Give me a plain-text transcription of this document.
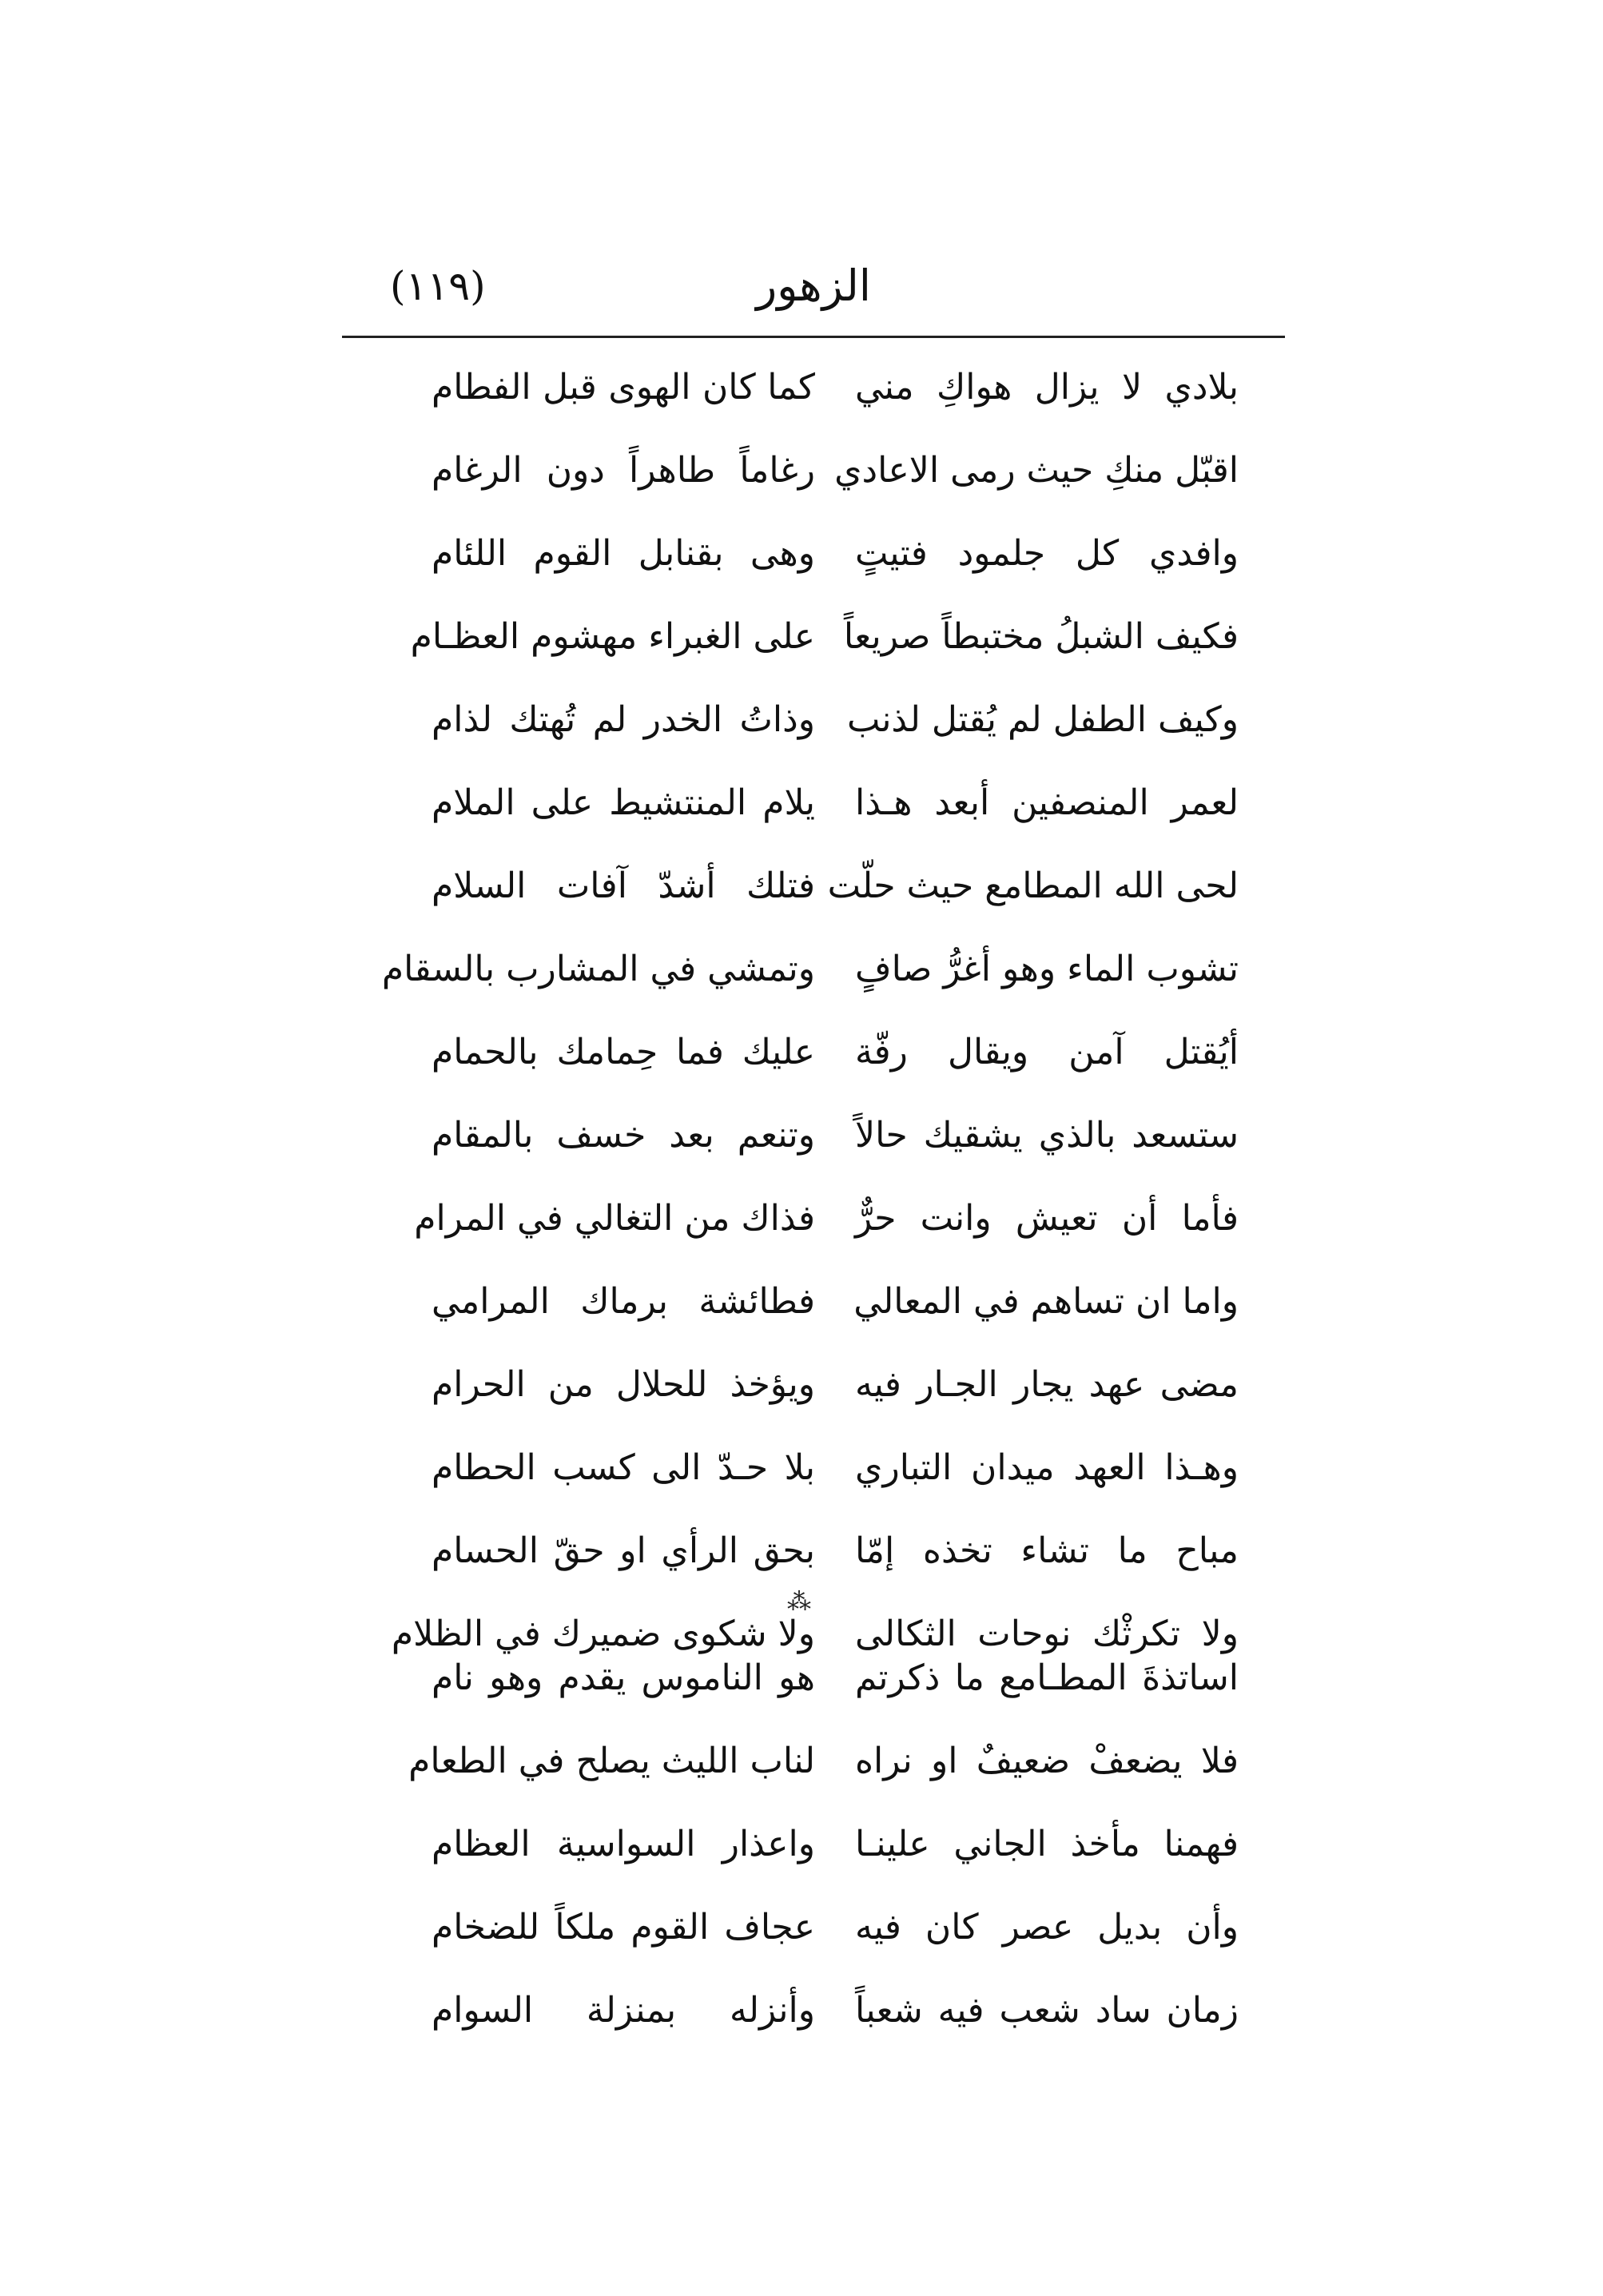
(١١٩)	الزهور
بلادي لا يزال هواكِ مني
كما كان الهوى قبل الفطام
اقبّل منكِ حيث رمى الاعادي
رغاماً طاهراً دون الرغام
وافدي كل جلمود فتيتٍ
وهى بقنابل القوم اللئام
فكيف الشبلُ مختبطاً صريعاً
على الغبراء مهشوم العظـام
وكيف الطفل لم يُقتل لذنب
وذاتُ الخدر لم تُهتك لذام
لعمر المنصفين أبعد هـذا
يلام المنتشيط على الملام
لحى الله المطامع حيث حلّت
فتلك أشدّ آفات السلام
تشوب الماء وهو أغرُّ صافٍ
وتمشي في المشارب بالسقام
أيُقتل آمن ويقال رفّة
عليك فما حِمامك بالحمام
ستسعد بالذي يشقيك حالاً
وتنعم بعد خسف بالمقام
فأما أن تعيش وانت حرٌّ
فذاك من التغالي في المرام
واما ان تساهم في المعالي
فطائشة برماك المرامي
مضى عهد يجار الجـار فيه
ويؤخذ للحلال من الحرام
وهـذا العهد ميدان التباري
بلا حـدّ الى كسب الحطام
مباح ما تشاء تخذه إمّا
بحق الرأي او حقّ الحسام
ولا تكرثْك نوحات الثكالى
ولا شكوى ضميرك في الظلام
⁂
اساتذةَ المطـامع ما ذكرتم
هو الناموس يقدم وهو نام
فلا يضعفْ ضعيفٌ او نراه
لناب الليث يصلح في الطعام
فهمنا مأخذ الجاني علينـا
واعذار السواسية العظام
وأن بديل عصر كان فيه
عجاف القوم ملكاً للضخام
زمان ساد شعب فيه شعباً
وأنزله بمنزلة السوام
